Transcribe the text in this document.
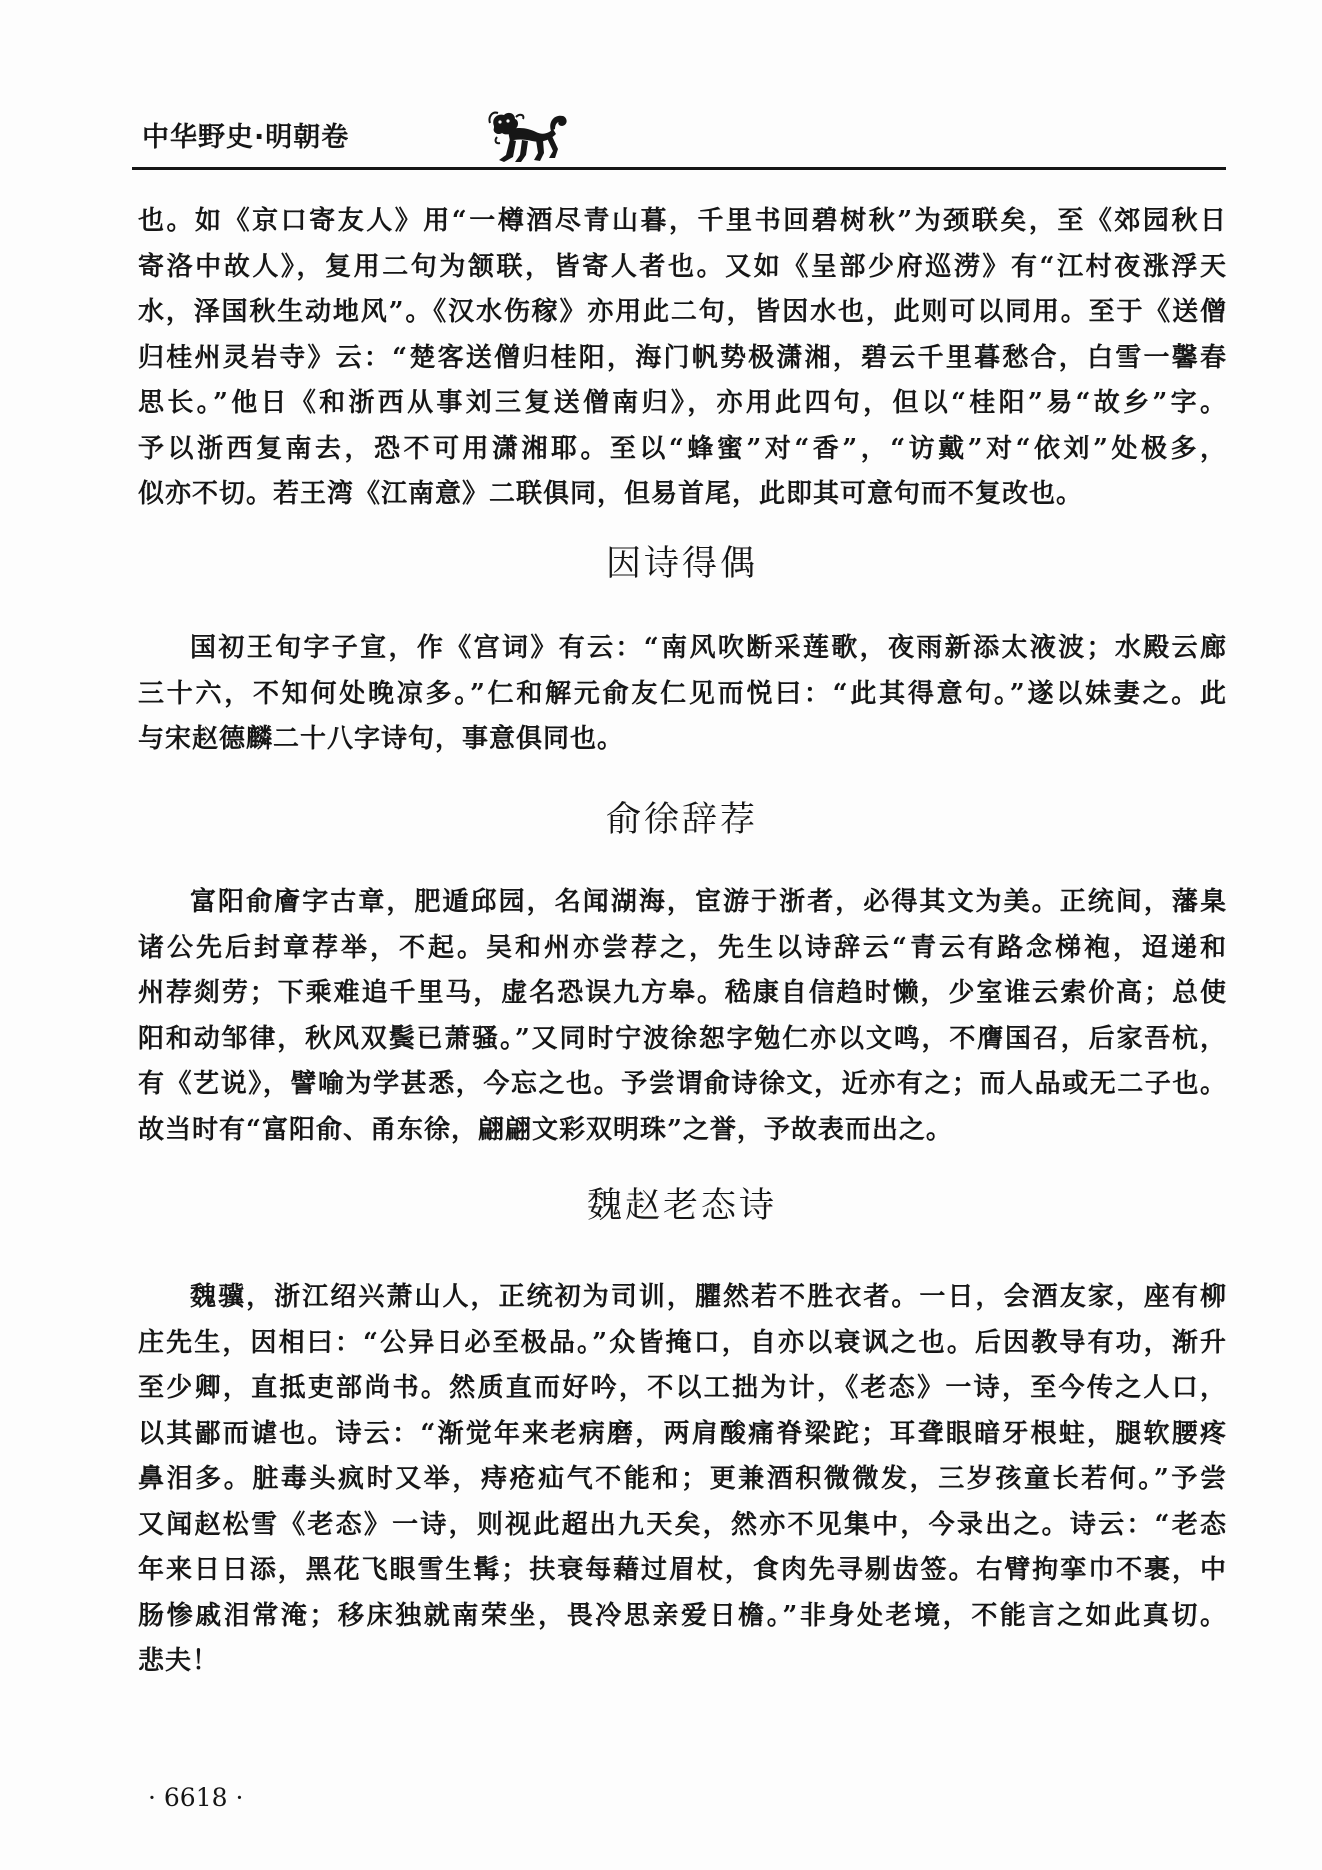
中华野史·明朝卷
也。如《京口寄友人》用“一樽酒尽青山暮，千里书回碧树秋”为颈联矣，至《郊园秋日
寄洛中故人》，复用二句为颔联，皆寄人者也。又如《呈部少府巡涝》有“江村夜涨浮天
水，泽国秋生动地风”。《汉水伤稼》亦用此二句，皆因水也，此则可以同用。至于《送僧
归桂州灵岩寺》云：“楚客送僧归桂阳，海门帆势极潇湘，碧云千里暮愁合，白雪一馨春
思长。”他日《和浙西从事刘三复送僧南归》，亦用此四句，但以“桂阳”易“故乡”字。
予以浙西复南去，恐不可用潇湘耶。至以“蜂蜜”对“香”，“访戴”对“依刘”处极多，
似亦不切。若王湾《江南意》二联俱同，但易首尾，此即其可意句而不复改也。
因诗得偶
国初王旬字子宣，作《宫词》有云：“南风吹断采莲歌，夜雨新添太液波；水殿云廊
三十六，不知何处晚凉多。”仁和解元俞友仁见而悦曰：“此其得意句。”遂以妹妻之。此
与宋赵德麟二十八字诗句，事意俱同也。
俞徐辞荐
富阳俞廥字古章，肥遁邱园，名闻湖海，宦游于浙者，必得其文为美。正统间，藩臬
诸公先后封章荐举，不起。吴和州亦尝荐之，先生以诗辞云“青云有路念梯袍，迢递和
州荐剡劳；下乘难追千里马，虚名恐误九方皋。嵇康自信趋时懒，少室谁云索价高；总使
阳和动邹律，秋风双鬓已萧骚。”又同时宁波徐恕字勉仁亦以文鸣，不膺国召，后家吾杭，
有《艺说》，譬喻为学甚悉，今忘之也。予尝谓俞诗徐文，近亦有之；而人品或无二子也。
故当时有“富阳俞、甬东徐，翩翩文彩双明珠”之誉，予故表而出之。
魏赵老态诗
魏骥，浙江绍兴萧山人，正统初为司训，臞然若不胜衣者。一日，会酒友家，座有柳
庄先生，因相曰：“公异日必至极品。”众皆掩口，自亦以衰讽之也。后因教导有功，渐升
至少卿，直抵吏部尚书。然质直而好吟，不以工拙为计，《老态》一诗，至今传之人口，
以其鄙而谑也。诗云：“渐觉年来老病磨，两肩酸痛脊梁跎；耳聋眼暗牙根蛀，腿软腰疼
鼻泪多。脏毒头疯时又举，痔疮疝气不能和；更兼酒积微微发，三岁孩童长若何。”予尝
又闻赵松雪《老态》一诗，则视此超出九天矣，然亦不见集中，今录出之。诗云：“老态
年来日日添，黑花飞眼雪生髯；扶衰每藉过眉杖，食肉先寻剔齿签。右臂拘挛巾不裹，中
肠惨戚泪常淹；移床独就南荣坐，畏冷思亲爱日檐。”非身处老境，不能言之如此真切。
悲夫！
· 6618 ·
